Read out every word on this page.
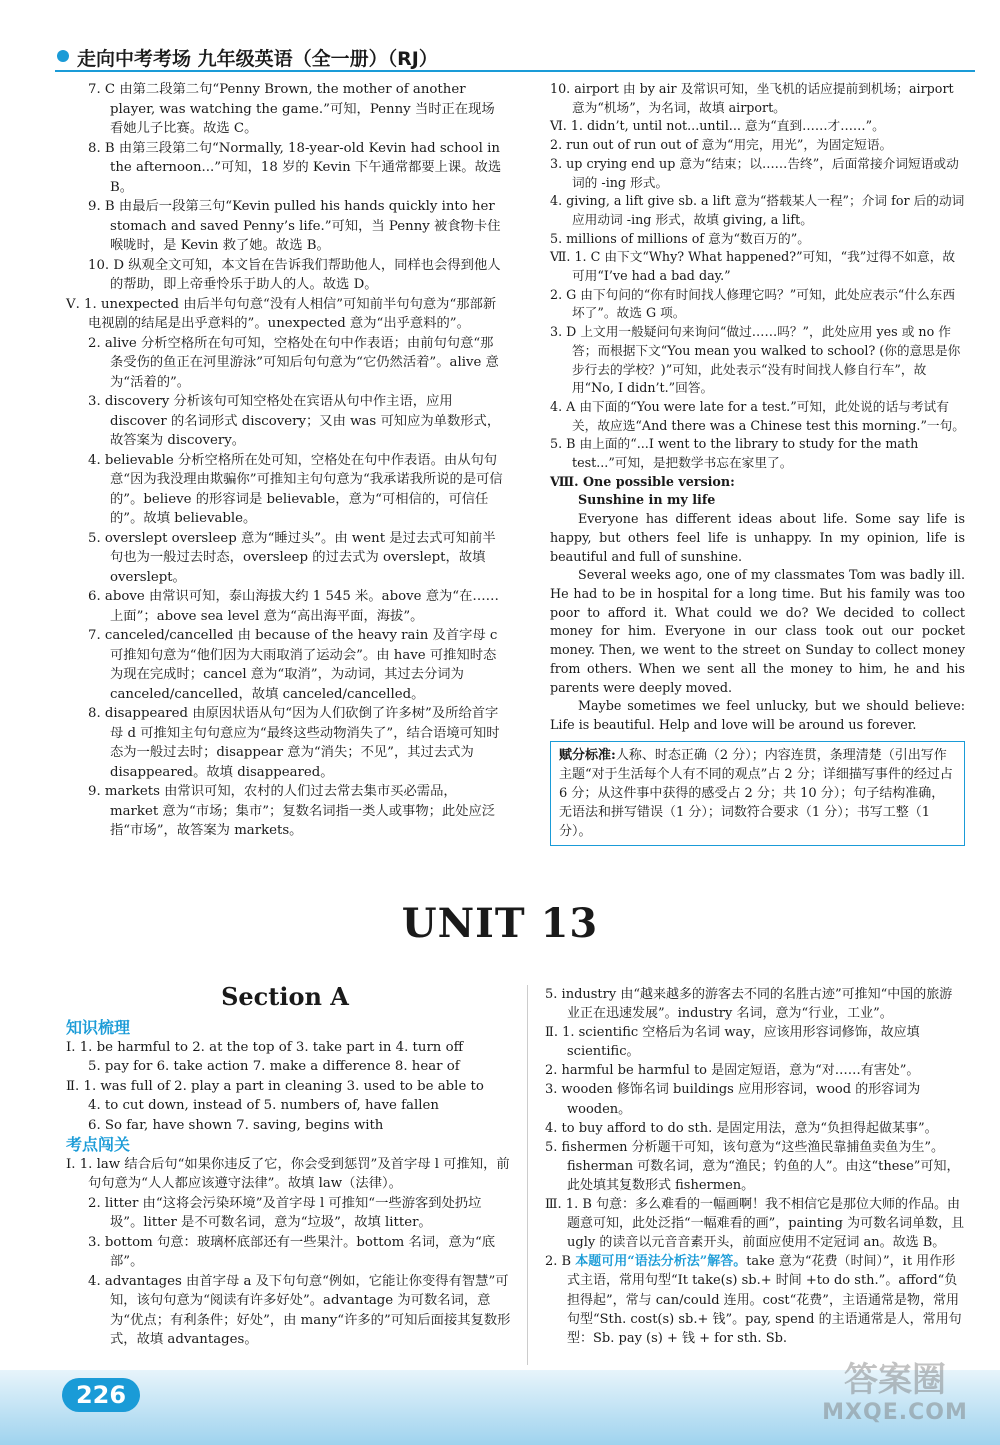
走向中考考场 九年级英语（全一册）（RJ）

7. C 由第二段第二句“Penny Brown, the mother of another player, was watching the game.”可知，Penny 当时正在现场看她儿子比赛。故选 C。

8. B 由第三段第二句“Normally, 18-year-old Kevin had school in the afternoon...”可知，18 岁的 Kevin 下午通常都要上课。故选 B。

9. B 由最后一段第三句“Kevin pulled his hands quickly into her stomach and saved Penny’s life.”可知，当 Penny 被食物卡住喉咙时，是 Kevin 救了她。故选 B。

10. D 纵观全文可知，本文旨在告诉我们帮助他人，同样也会得到他人的帮助，即上帝垂怜乐于助人的人。故选 D。

Ⅴ. 1. unexpected 由后半句句意“没有人相信”可知前半句句意为“那部新电视剧的结尾是出乎意料的”。unexpected 意为“出乎意料的”。

2. alive 分析空格所在句可知，空格处在句中作表语；由前句句意“那条受伤的鱼正在河里游泳”可知后句句意为“它仍然活着”。alive 意为“活着的”。

3. discovery 分析该句可知空格处在宾语从句中作主语，应用 discover 的名词形式 discovery；又由 was 可知应为单数形式，故答案为 discovery。

4. believable 分析空格所在处可知，空格处在句中作表语。由从句句意“因为我没理由欺骗你”可推知主句句意为“我承诺我所说的是可信的”。believe 的形容词是 believable，意为“可相信的，可信任的”。故填 believable。

5. overslept oversleep 意为“睡过头”。由 went 是过去式可知前半句也为一般过去时态，oversleep 的过去式为 overslept，故填 overslept。

6. above 由常识可知，泰山海拔大约 1 545 米。above 意为“在……上面”；above sea level 意为“高出海平面，海拔”。

7. canceled/cancelled 由 because of the heavy rain 及首字母 c 可推知句意为“他们因为大雨取消了运动会”。由 have 可推知时态为现在完成时；cancel 意为“取消”，为动词，其过去分词为 canceled/cancelled，故填 canceled/cancelled。

8. disappeared 由原因状语从句“因为人们砍倒了许多树”及所给首字母 d 可推知主句句意应为“最终这些动物消失了”，结合语境可知时态为一般过去时；disappear 意为“消失；不见”，其过去式为 disappeared。故填 disappeared。

9. markets 由常识可知，农村的人们过去常去集市买必需品，market 意为“市场；集市”；复数名词指一类人或事物；此处应泛指“市场”，故答案为 markets。

10. airport 由 by air 及常识可知，坐飞机的话应提前到机场；airport 意为“机场”，为名词，故填 airport。

Ⅵ. 1. didn’t, until not...until... 意为“直到……才……”。

2. run out of run out of 意为“用完，用光”，为固定短语。

3. up crying end up 意为“结束；以……告终”，后面常接介词短语或动词的 -ing 形式。

4. giving, a lift give sb. a lift 意为“搭载某人一程”；介词 for 后的动词应用动词 -ing 形式，故填 giving, a lift。

5. millions of millions of 意为“数百万的”。

Ⅶ. 1. C 由下文“Why? What happened?”可知，“我”过得不如意，故可用“I’ve had a bad day.”

2. G 由下句问的“你有时间找人修理它吗？”可知，此处应表示“什么东西坏了”。故选 G 项。

3. D 上文用一般疑问句来询问“做过……吗？”，此处应用 yes 或 no 作答；而根据下文“You mean you walked to school? (你的意思是你步行去的学校？)”可知，此处表示“没有时间找人修自行车”，故用“No, I didn’t.”回答。

4. A 由下面的“You were late for a test.”可知，此处说的话与考试有关，故应选“And there was a Chinese test this morning.”一句。

5. B 由上面的“...I went to the library to study for the math test...”可知，是把数学书忘在家里了。

Ⅷ. One possible version:

Sunshine in my life

Everyone has different ideas about life. Some say life is happy, but others feel life is unhappy. In my opinion, life is beautiful and full of sunshine.

Several weeks ago, one of my classmates Tom was badly ill. He had to be in hospital for a long time. But his family was too poor to afford it. What could we do? We decided to collect money for him. Everyone in our class took out our pocket money. Then, we went to the street on Sunday to collect money from others. When we sent all the money to him, he and his parents were deeply moved.

Maybe sometimes we feel unlucky, but we should believe: Life is beautiful. Help and love will be around us forever.

赋分标准:人称、时态正确（2 分）；内容连贯，条理清楚（引出写作主题“对于生活每个人有不同的观点”占 2 分；详细描写事件的经过占 6 分；从这件事中获得的感受占 2 分；共 10 分）；句子结构准确，无语法和拼写错误（1 分）；词数符合要求（1 分）；书写工整（1 分）。
UNIT 13
Section A

知识梳理

Ⅰ. 1. be harmful to 2. at the top of 3. take part in 4. turn off

5. pay for 6. take action 7. make a difference 8. hear of

Ⅱ. 1. was full of 2. play a part in cleaning 3. used to be able to

4. to cut down, instead of 5. numbers of, have fallen

6. So far, have shown 7. saving, begins with

考点闯关

Ⅰ. 1. law 结合后句“如果你违反了它，你会受到惩罚”及首字母 l 可推知，前句句意为“人人都应该遵守法律”。故填 law（法律）。

2. litter 由“这将会污染环境”及首字母 l 可推知“一些游客到处扔垃圾”。litter 是不可数名词，意为“垃圾”，故填 litter。

3. bottom 句意：玻璃杯底部还有一些果汁。bottom 名词，意为“底部”。

4. advantages 由首字母 a 及下句句意“例如，它能让你变得有智慧”可知，该句句意为“阅读有许多好处”。advantage 为可数名词，意为“优点；有利条件；好处”，由 many“许多的”可知后面接其复数形式，故填 advantages。

5. industry 由“越来越多的游客去不同的名胜古迹”可推知“中国的旅游业正在迅速发展”。industry 名词，意为“行业，工业”。

Ⅱ. 1. scientific 空格后为名词 way，应该用形容词修饰，故应填 scientific。

2. harmful be harmful to 是固定短语，意为“对……有害处”。

3. wooden 修饰名词 buildings 应用形容词，wood 的形容词为 wooden。

4. to buy afford to do sth. 是固定用法，意为“负担得起做某事”。

5. fishermen 分析题干可知，该句意为“这些渔民靠捕鱼卖鱼为生”。fisherman 可数名词，意为“渔民；钓鱼的人”。由这“these”可知，此处填其复数形式 fishermen。

Ⅲ. 1. B 句意：多么难看的一幅画啊！我不相信它是那位大师的作品。由题意可知，此处泛指“一幅难看的画”，painting 为可数名词单数，且 ugly 的读音以元音音素开头，前面应使用不定冠词 an。故选 B。

2. B 本题可用“语法分析法”解答。take 意为“花费（时间）”，it 用作形式主语，常用句型“It take(s) sb.+ 时间 +to do sth.”。afford“负担得起”，常与 can/could 连用。cost“花费”，主语通常是物，常用句型“Sth. cost(s) sb.+ 钱”。pay, spend 的主语通常是人，常用句型：Sb. pay (s) + 钱 + for sth. Sb.

226	答案圈
MXQE.COM
